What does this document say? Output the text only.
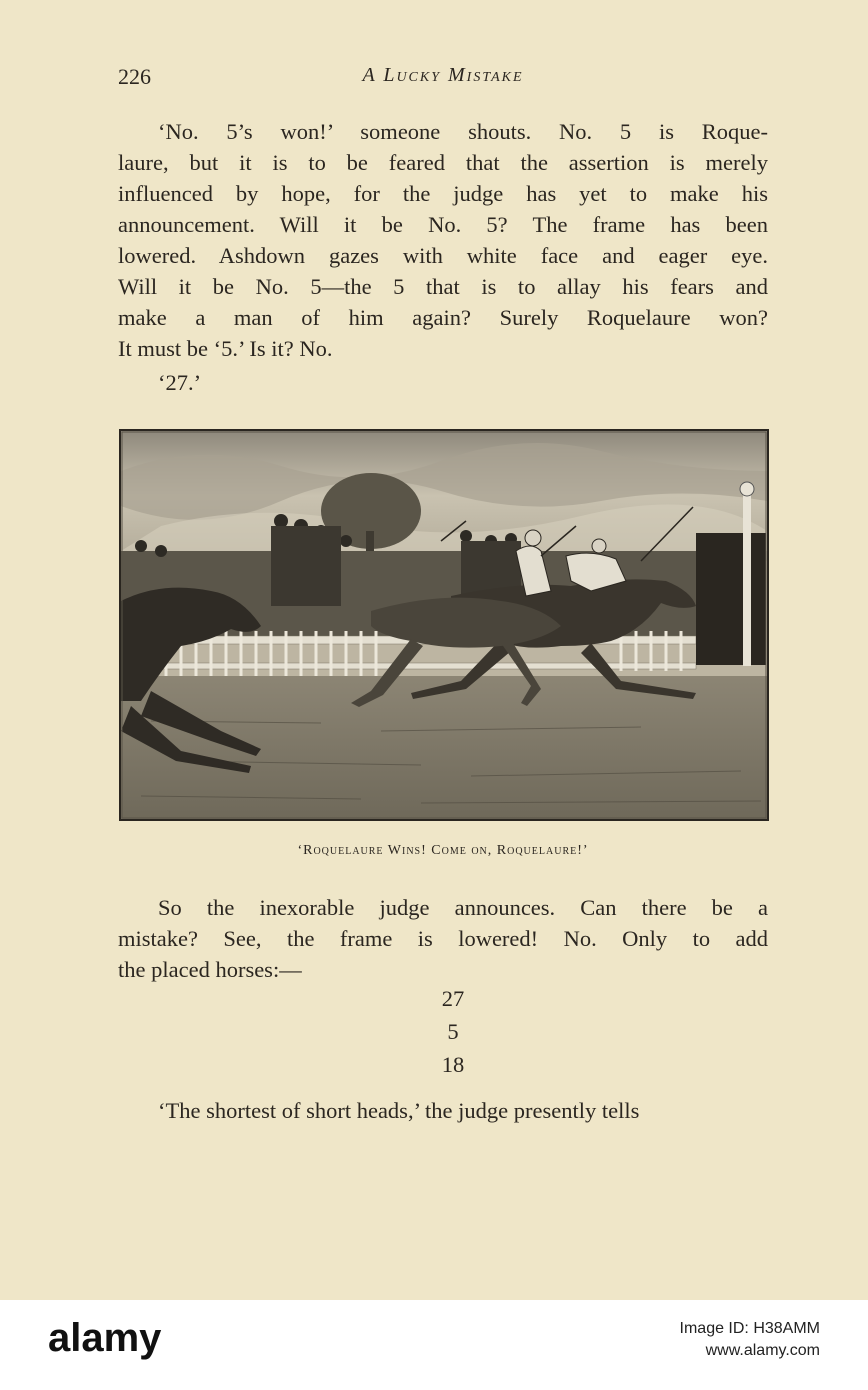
226	A Lucky Mistake
‘No. 5’s won!’ someone shouts. No. 5 is Roque-
laure, but it is to be feared that the assertion is merely
influenced by hope, for the judge has yet to make his
announcement. Will it be No. 5? The frame has been
lowered. Ashdown gazes with white face and eager eye.
Will it be No. 5—the 5 that is to allay his fears and
make a man of him again? Surely Roquelaure won?
It must be ‘5.’ Is it? No.
‘27.’
‘Roquelaure Wins! Come on, Roquelaure!’
So the inexorable judge announces. Can there be a
mistake? See, the frame is lowered! No. Only to add
the placed horses:—
27
5
18
‘The shortest of short heads,’ the judge presently tells
alamy	Image ID: H38AMM
www.alamy.com
